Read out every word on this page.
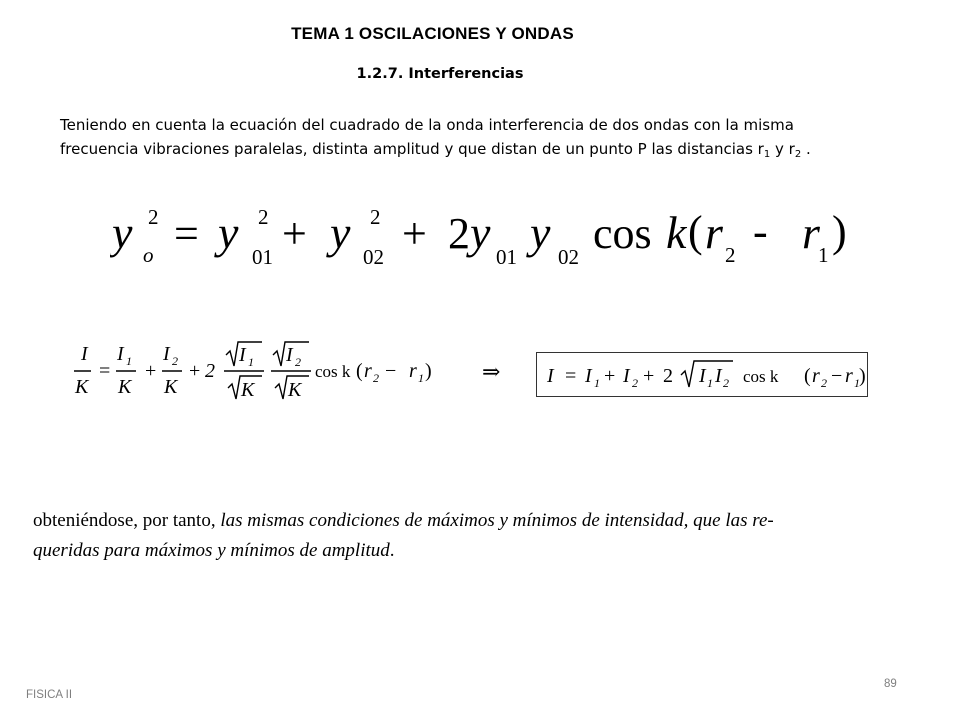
TEMA 1 OSCILACIONES Y ONDAS
1.2.7. Interferencias
Teniendo en cuenta la ecuación del cuadrado de la onda interferencia de dos ondas con la misma frecuencia vibraciones paralelas, distinta amplitud y que distan de un punto P las distancias $r_1$ y $r_2$ .
y y y	y y	k r r
o
2
01
2
02
2
01 02	2	1
= + + 2	cos ( - )
I
K
I
K
I
K
2
I
K
I
K
r r
1	2	1	2
2	1
= + +	cos k ( − ) ⇒ I I I	I I	r r
1	2	1 2	2 1
= + + 2	cos k ( − )
obteniéndose, por tanto, las mismas condiciones de máximos y mínimos de intensidad, que las re-
queridas para máximos y mínimos de amplitud.
FISICA II
89
